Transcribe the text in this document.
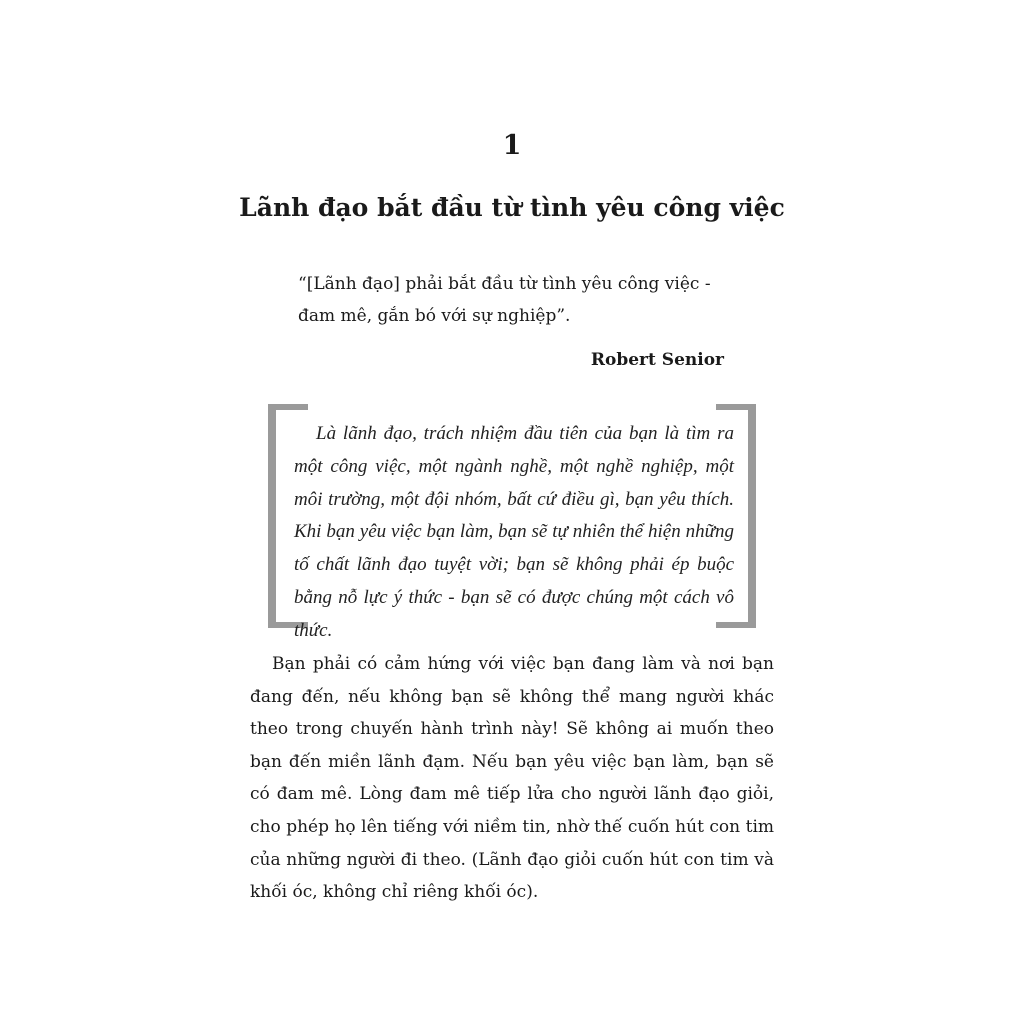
1
Lãnh đạo bắt đầu từ tình yêu công việc

“[Lãnh đạo] phải bắt đầu từ tình yêu công việc - đam mê, gắn bó với sự nghiệp”.

Robert Senior

Là lãnh đạo, trách nhiệm đầu tiên của bạn là tìm ra một công việc, một ngành nghề, một nghề nghiệp, một môi trường, một đội nhóm, bất cứ điều gì, bạn yêu thích. Khi bạn yêu việc bạn làm, bạn sẽ tự nhiên thể hiện những tố chất lãnh đạo tuyệt vời; bạn sẽ không phải ép buộc bằng nỗ lực ý thức - bạn sẽ có được chúng một cách vô thức.

Bạn phải có cảm hứng với việc bạn đang làm và nơi bạn đang đến, nếu không bạn sẽ không thể mang người khác theo trong chuyến hành trình này! Sẽ không ai muốn theo bạn đến miền lãnh đạm. Nếu bạn yêu việc bạn làm, bạn sẽ có đam mê. Lòng đam mê tiếp lửa cho người lãnh đạo giỏi, cho phép họ lên tiếng với niềm tin, nhờ thế cuốn hút con tim của những người đi theo. (Lãnh đạo giỏi cuốn hút con tim và khối óc, không chỉ riêng khối óc).
